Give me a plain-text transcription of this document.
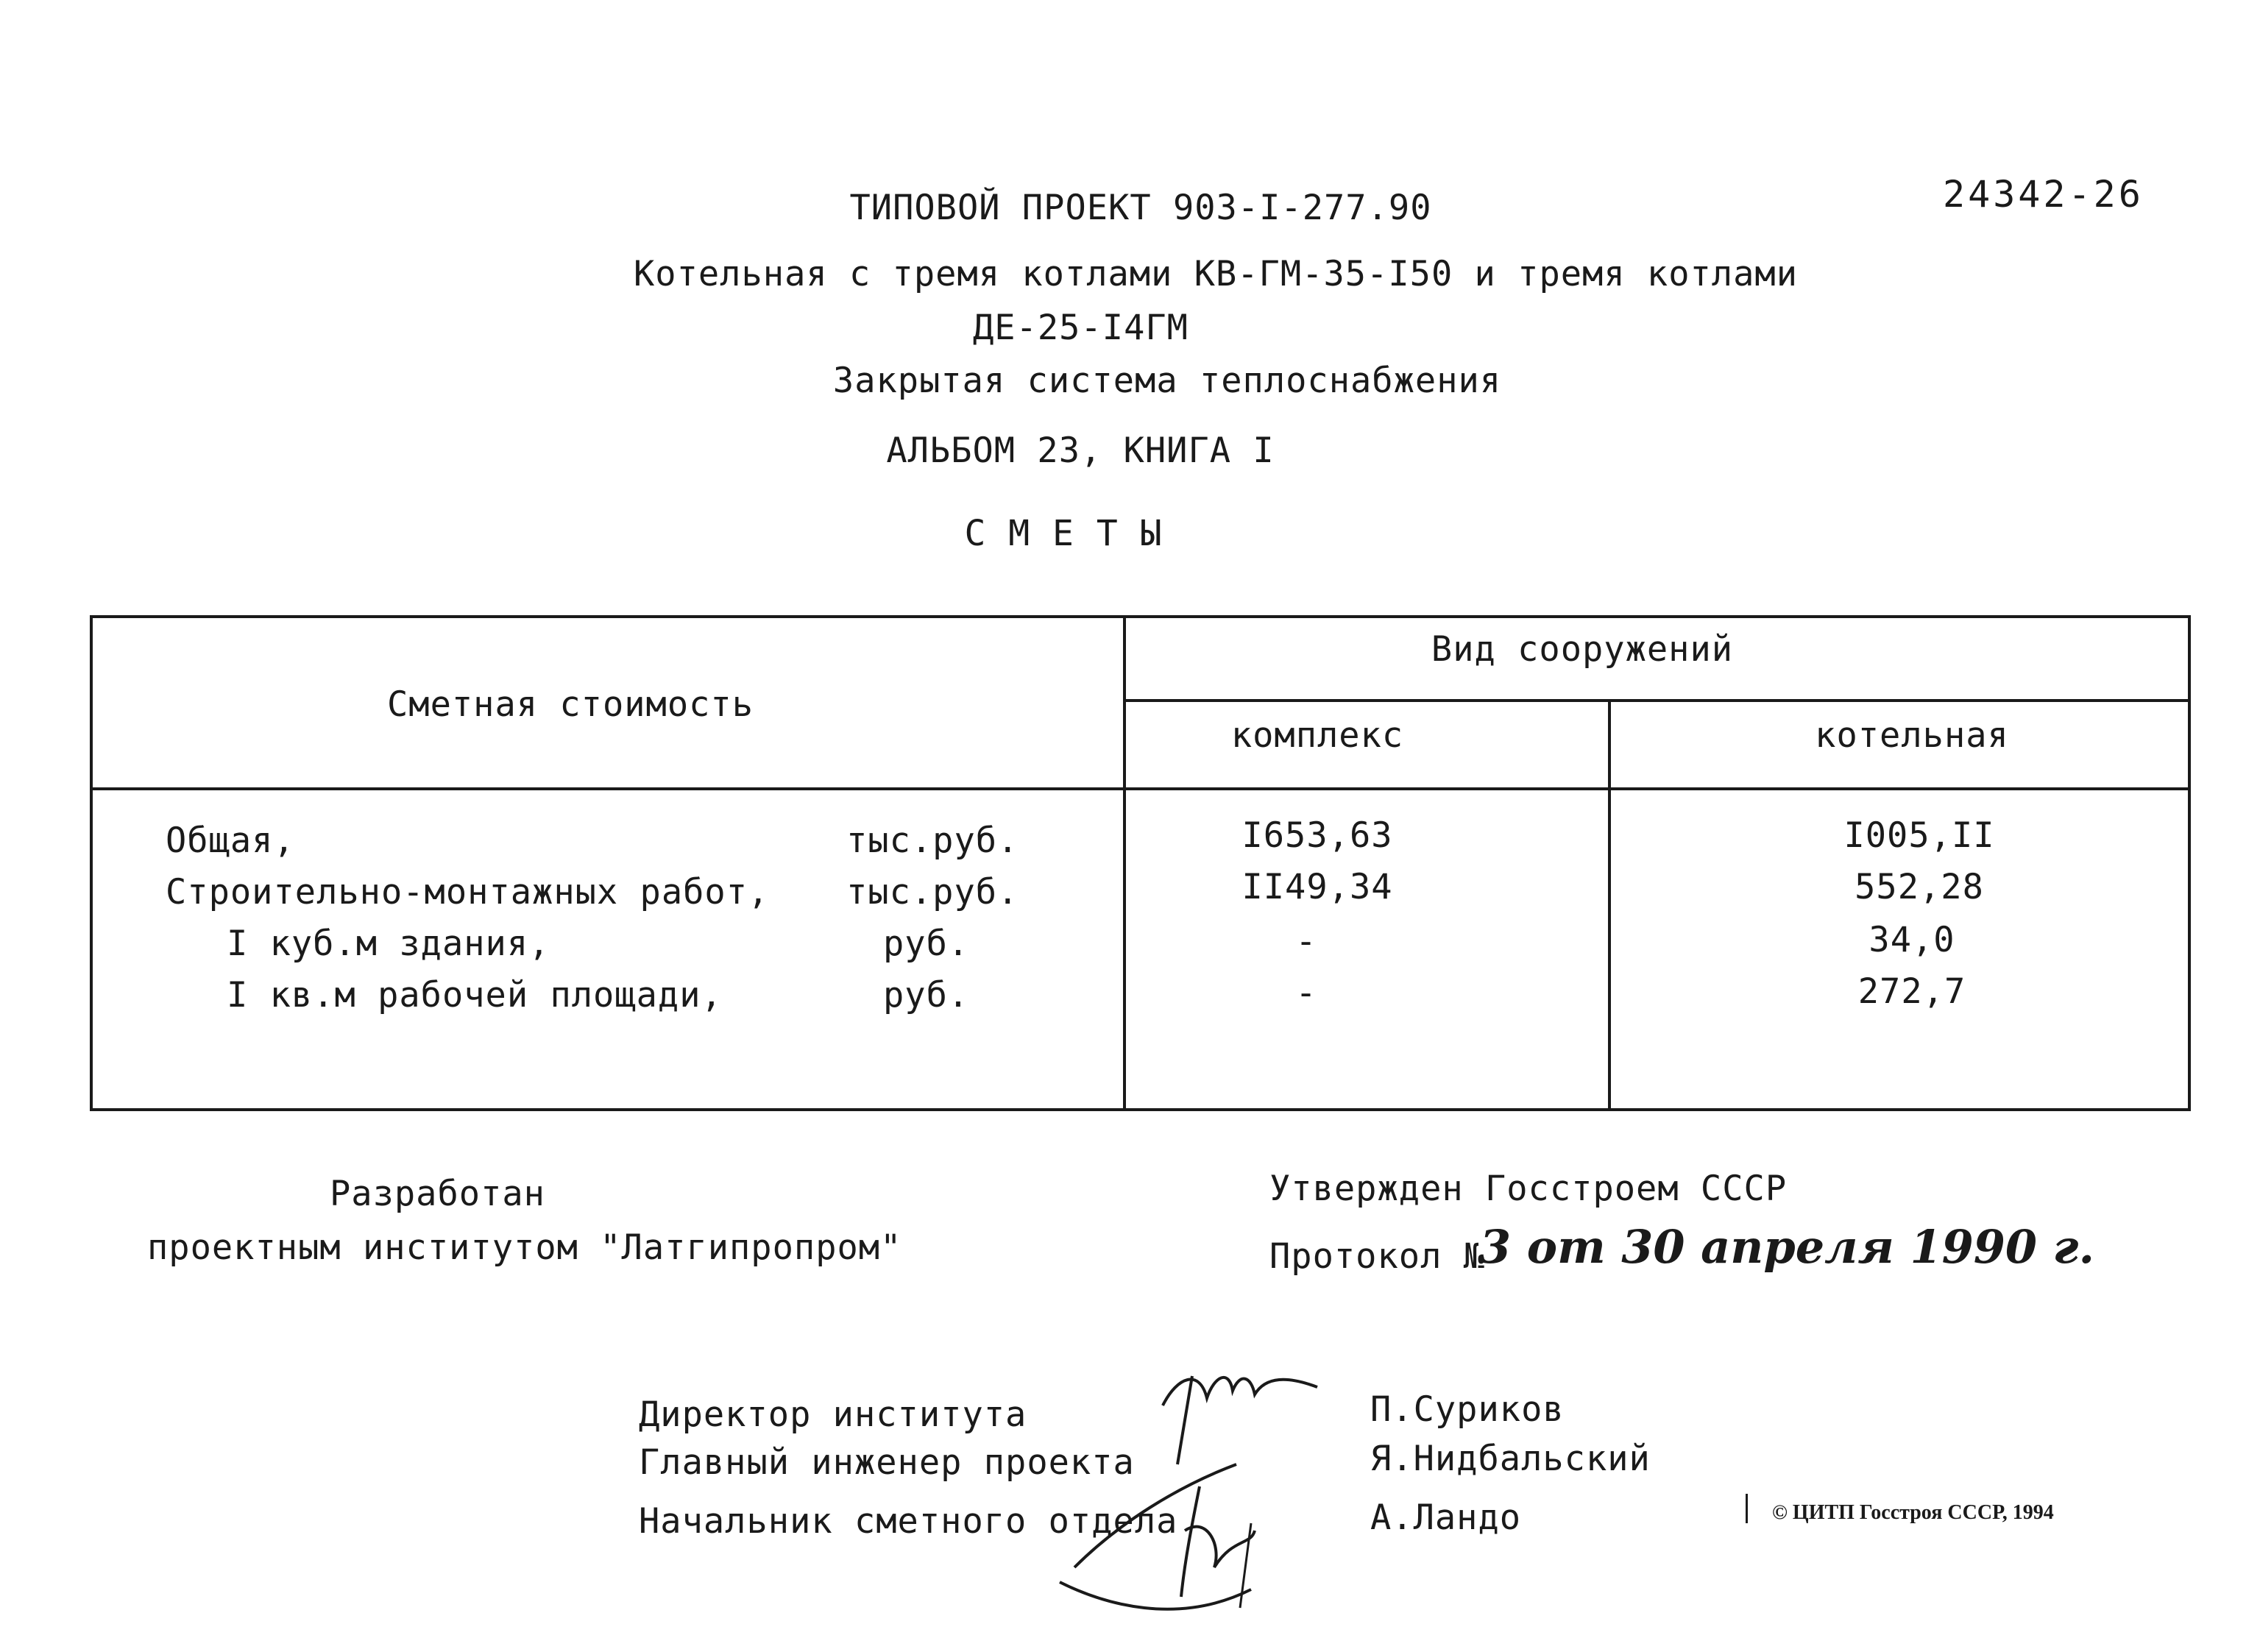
24342-26
ТИПОВОЙ ПРОЕКТ 903-I-277.90
Котельная с тремя котлами КВ-ГМ-35-I50 и тремя котлами
ДЕ-25-I4ГМ
Закрытая система теплоснабжения
АЛЬБОМ 23, КНИГА I
С М Е Т Ы
Сметная стоимость
Вид сооружений
комплекс	котельная
Общая,	тыс.руб.	I653,63	I005,II
Строительно-монтажных работ, тыс.руб.	II49,34	552,28
I куб.м здания,	руб.	-	34,0
I кв.м рабочей площади,	руб.	-	272,7
Разработан
проектным институтом "Латгипропром"
Утвержден Госстроем СССР
Протокол №
3 от 30 апреля 1990 г.
Директор института
Главный инженер проекта
Начальник сметного отдела
П.Суриков
Я.Нидбальский
А.Ландо	© ЦИТП Госстроя СССР, 1994
